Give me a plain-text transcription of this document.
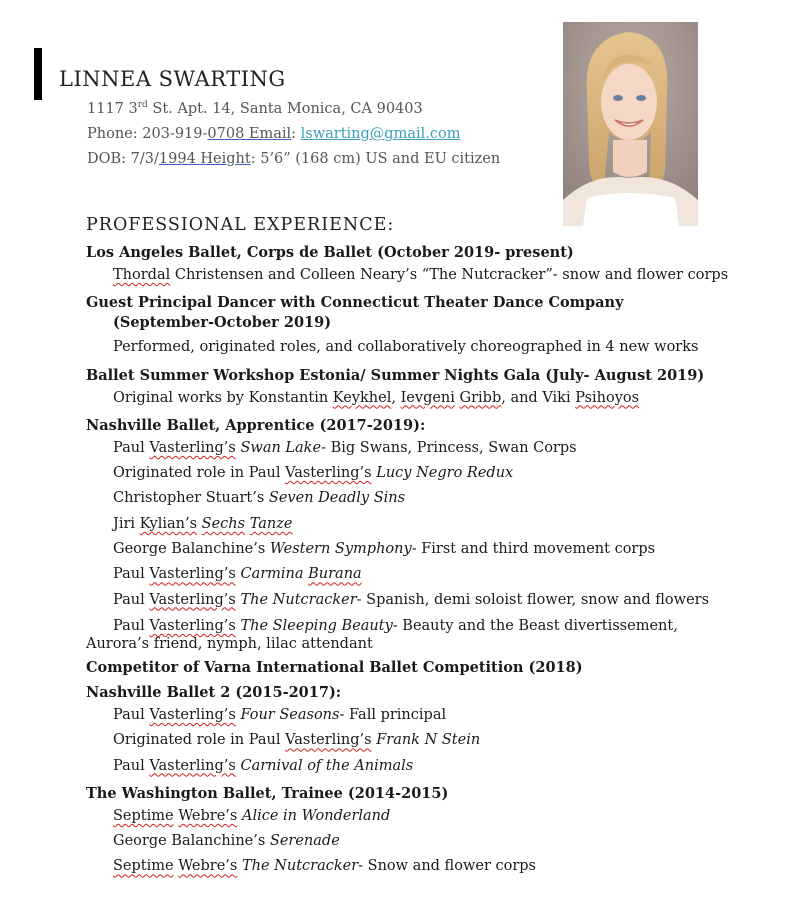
LINNEA SWARTING
1117 3rd St. Apt. 14, Santa Monica, CA 90403
Phone: 203-919-0708 Email: lswarting@gmail.com
DOB: 7/3/1994 Height: 5’6” (168 cm) US and EU citizen
PROFESSIONAL EXPERIENCE:
Los Angeles Ballet, Corps de Ballet (October 2019- present)
Thordal Christensen and Colleen Neary’s “The Nutcracker”- snow and flower corps
Guest Principal Dancer with Connecticut Theater Dance Company (September-October 2019)
Performed, originated roles, and collaboratively choreographed in 4 new works
Ballet Summer Workshop Estonia/ Summer Nights Gala (July- August 2019)
Original works by Konstantin Keykhel, Ievgeni Gribb, and Viki Psihoyos
Nashville Ballet, Apprentice (2017-2019):
Paul Vasterling’s Swan Lake- Big Swans, Princess, Swan Corps
Originated role in Paul Vasterling’s Lucy Negro Redux
Christopher Stuart’s Seven Deadly Sins
Jiri Kylian’s Sechs Tanze
George Balanchine’s Western Symphony- First and third movement corps
Paul Vasterling’s Carmina Burana
Paul Vasterling’s The Nutcracker- Spanish, demi soloist flower, snow and flowers
Paul Vasterling’s The Sleeping Beauty- Beauty and the Beast divertissement, Aurora’s friend, nymph, lilac attendant
Competitor of Varna International Ballet Competition (2018)
Nashville Ballet 2 (2015-2017):
Paul Vasterling’s Four Seasons- Fall principal
Originated role in Paul Vasterling’s Frank N Stein
Paul Vasterling’s Carnival of the Animals
The Washington Ballet, Trainee (2014-2015)
Septime Webre’s Alice in Wonderland
George Balanchine’s Serenade
Septime Webre’s The Nutcracker- Snow and flower corps
